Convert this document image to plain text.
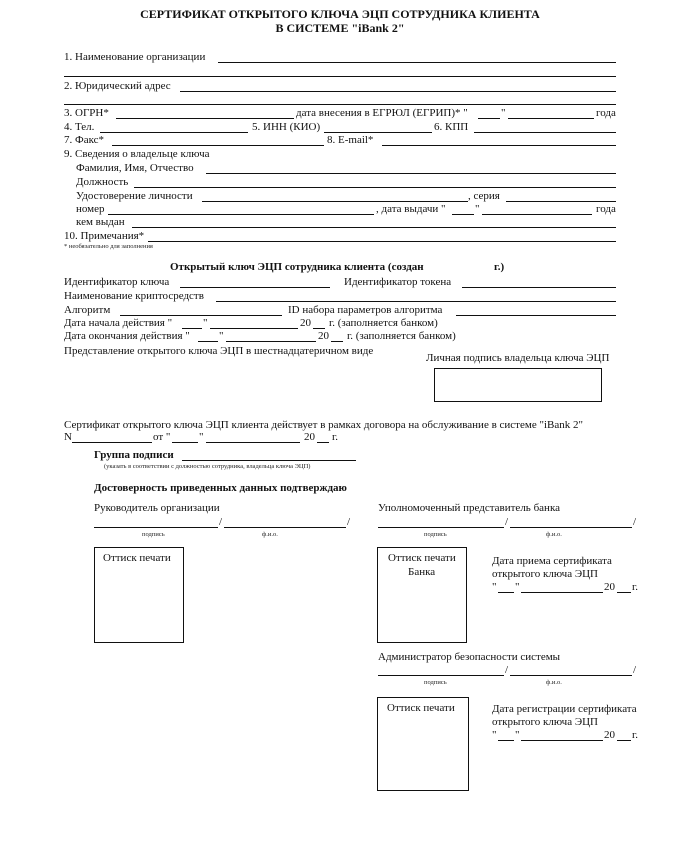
СЕРТИФИКАТ ОТКРЫТОГО КЛЮЧА ЭЦП СОТРУДНИКА КЛИЕНТА
В СИСТЕМЕ "iBank 2"
1. Наименование организации
2. Юридический адрес
3. ОГРН*	дата внесения в ЕГРЮЛ (ЕГРИП)* "	"	года
4. Тел.	5. ИНН (КИО)	6. КПП
7. Факс*	8. E-mail*
9. Сведения о владельце ключа
Фамилия, Имя, Отчество
Должность
Удостоверение личности	, серия
номер	, дата выдачи "	"	года
кем выдан
10. Примечания*
* необязательно для заполнения
Открытый ключ ЭЦП сотрудника клиента (создан	г.)
Идентификатор ключа	Идентификатор токена
Наименование криптосредств
Алгоритм	ID набора параметров алгоритма
Дата начала действия "	"	20 г. (заполняется банком)
Дата окончания действия "	"	20 г. (заполняется банком)
Представление открытого ключа ЭЦП в шестнадцатеричном виде
Личная подпись владельца ключа ЭЦП
Сертификат открытого ключа ЭЦП клиента действует в рамках договора на обслуживание в системе "iBank 2"
N	от "	"	20 г.
Группа подписи
(указать в соответствии с должностью сотрудника, владельца ключа ЭЦП)
Достоверность приведенных данных подтверждаю
Руководитель организации
/	/
подпись	ф.и.о.
Уполномоченный представитель банка
/	/
подпись	ф.и.о.
Оттиск печати	Оттиск печати
Банка
Дата приема сертификата
открытого ключа ЭЦП
" "	20 г.
Администратор безопасности системы
/	/
подпись	ф.и.о.
Оттиск печати	Дата регистрации сертификата
открытого ключа ЭЦП
" "	20 г.
